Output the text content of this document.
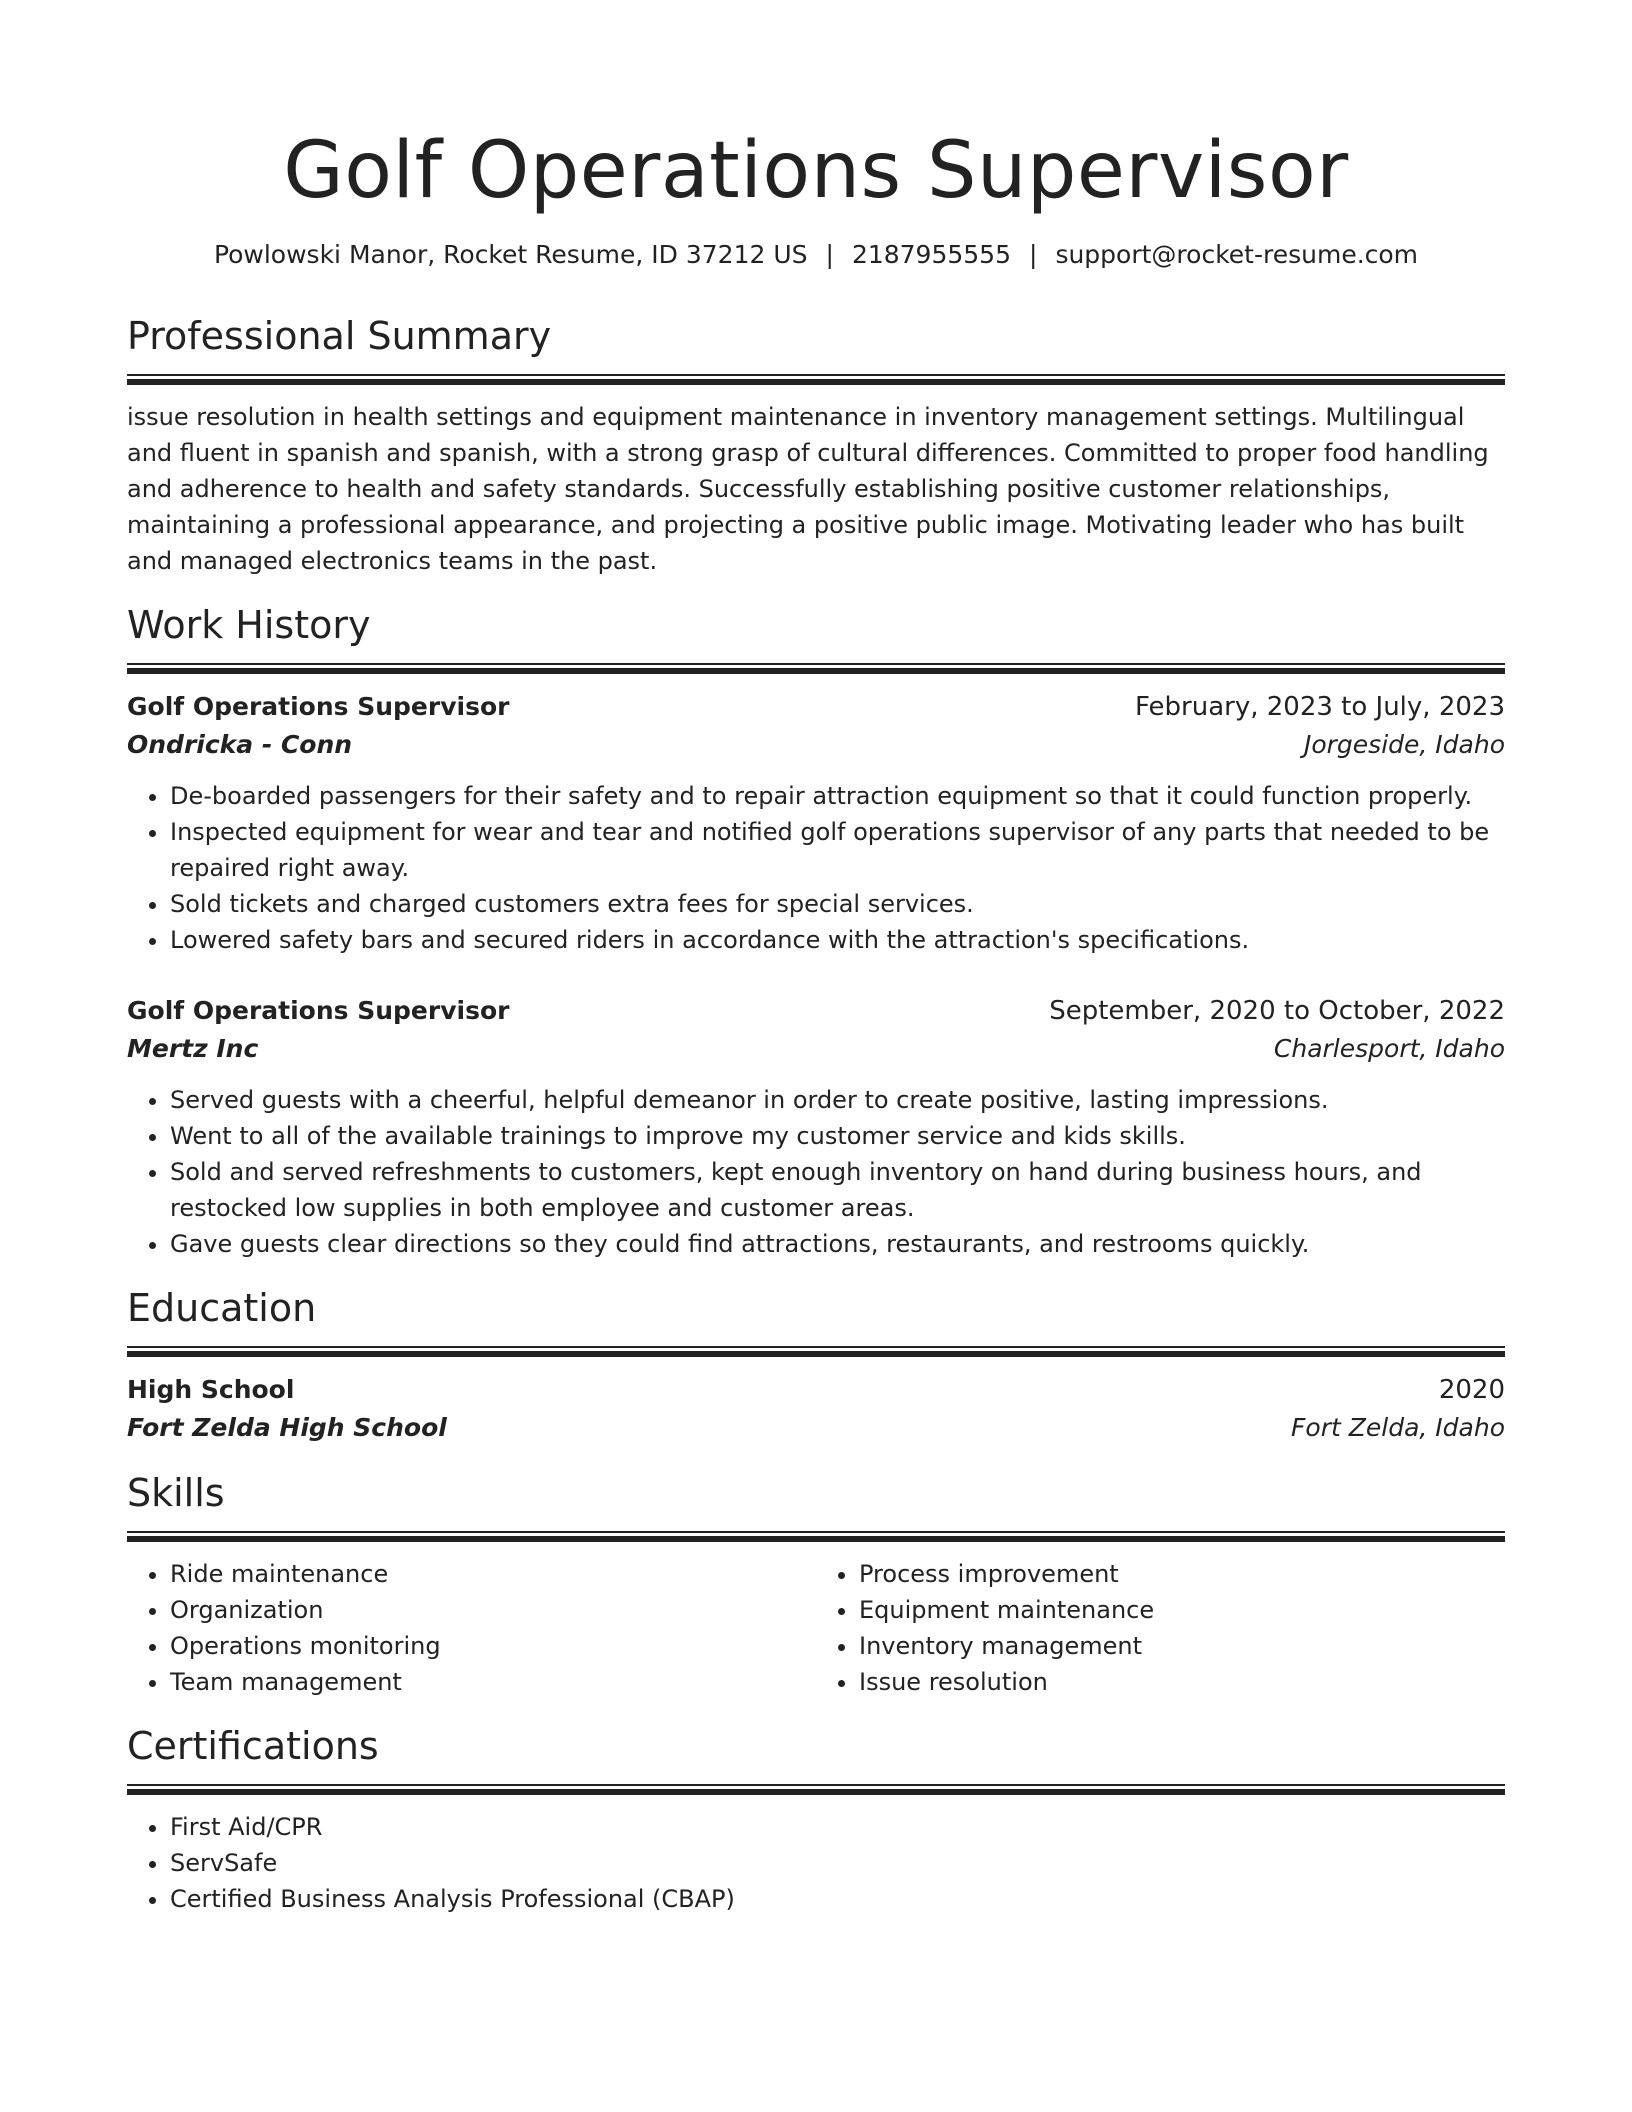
Golf Operations Supervisor
Powlowski Manor, Rocket Resume, ID 37212 US | 2187955555 | support@rocket-resume.com
Professional Summary

issue resolution in health settings and equipment maintenance in inventory management settings. Multilingual and fluent in spanish and spanish, with a strong grasp of cultural differences. Committed to proper food handling and adherence to health and safety standards. Successfully establishing positive customer relationships, maintaining a professional appearance, and projecting a positive public image. Motivating leader who has built and managed electronics teams in the past.

Work History
Golf Operations Supervisor	February, 2023 to July, 2023
Ondricka - Conn	Jorgeside, Idaho
• De-boarded passengers for their safety and to repair attraction equipment so that it could function properly.
• Inspected equipment for wear and tear and notified golf operations supervisor of any parts that needed to be repaired right away.
• Sold tickets and charged customers extra fees for special services.
• Lowered safety bars and secured riders in accordance with the attraction's specifications.
Golf Operations Supervisor	September, 2020 to October, 2022
Mertz Inc	Charlesport, Idaho
• Served guests with a cheerful, helpful demeanor in order to create positive, lasting impressions.
• Went to all of the available trainings to improve my customer service and kids skills.
• Sold and served refreshments to customers, kept enough inventory on hand during business hours, and restocked low supplies in both employee and customer areas.
• Gave guests clear directions so they could find attractions, restaurants, and restrooms quickly.
Education
High School	2020
Fort Zelda High School	Fort Zelda, Idaho
Skills
• Ride maintenance
• Organization
• Operations monitoring
• Team management
• Process improvement
• Equipment maintenance
• Inventory management
• Issue resolution
Certifications
• First Aid/CPR
• ServSafe
• Certified Business Analysis Professional (CBAP)
